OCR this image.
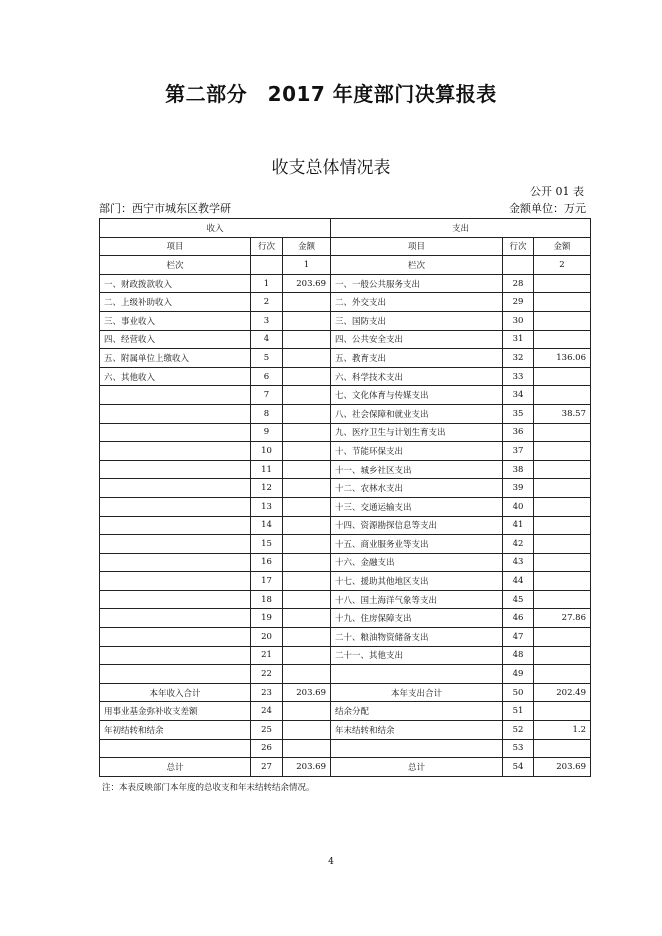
第二部分　2017 年度部门决算报表
收支总体情况表
公开 01 表
部门：西宁市城东区教学研	金额单位：万元
收入			支出		
项目	行次	金额	项目	行次	金额
栏次		1	栏次		2
一、财政拨款收入	1	203.69	一、一般公共服务支出	28	
二、上级补助收入	2		二、外交支出	29	
三、事业收入	3		三、国防支出	30	
四、经营收入	4		四、公共安全支出	31	
五、附属单位上缴收入	5		五、教育支出	32	136.06
六、其他收入	6		六、科学技术支出	33	
	7		七、文化体育与传媒支出	34	
	8		八、社会保障和就业支出	35	38.57
	9		九、医疗卫生与计划生育支出	36	
	10		十、节能环保支出	37	
	11		十一、城乡社区支出	38	
	12		十二、农林水支出	39	
	13		十三、交通运输支出	40	
	14		十四、资源勘探信息等支出	41	
	15		十五、商业服务业等支出	42	
	16		十六、金融支出	43	
	17		十七、援助其他地区支出	44	
	18		十八、国土海洋气象等支出	45	
	19		十九、住房保障支出	46	27.86
	20		二十、粮油物资储备支出	47	
	21		二十一、其他支出	48	
	22			49	
本年收入合计	23	203.69	本年支出合计	50	202.49
用事业基金弥补收支差额	24		结余分配	51	
年初结转和结余	25		年末结转和结余	52	1.2
	26			53	
总计	27	203.69	总计	54	203.69
注：本表反映部门本年度的总收支和年末结转结余情况。
4
